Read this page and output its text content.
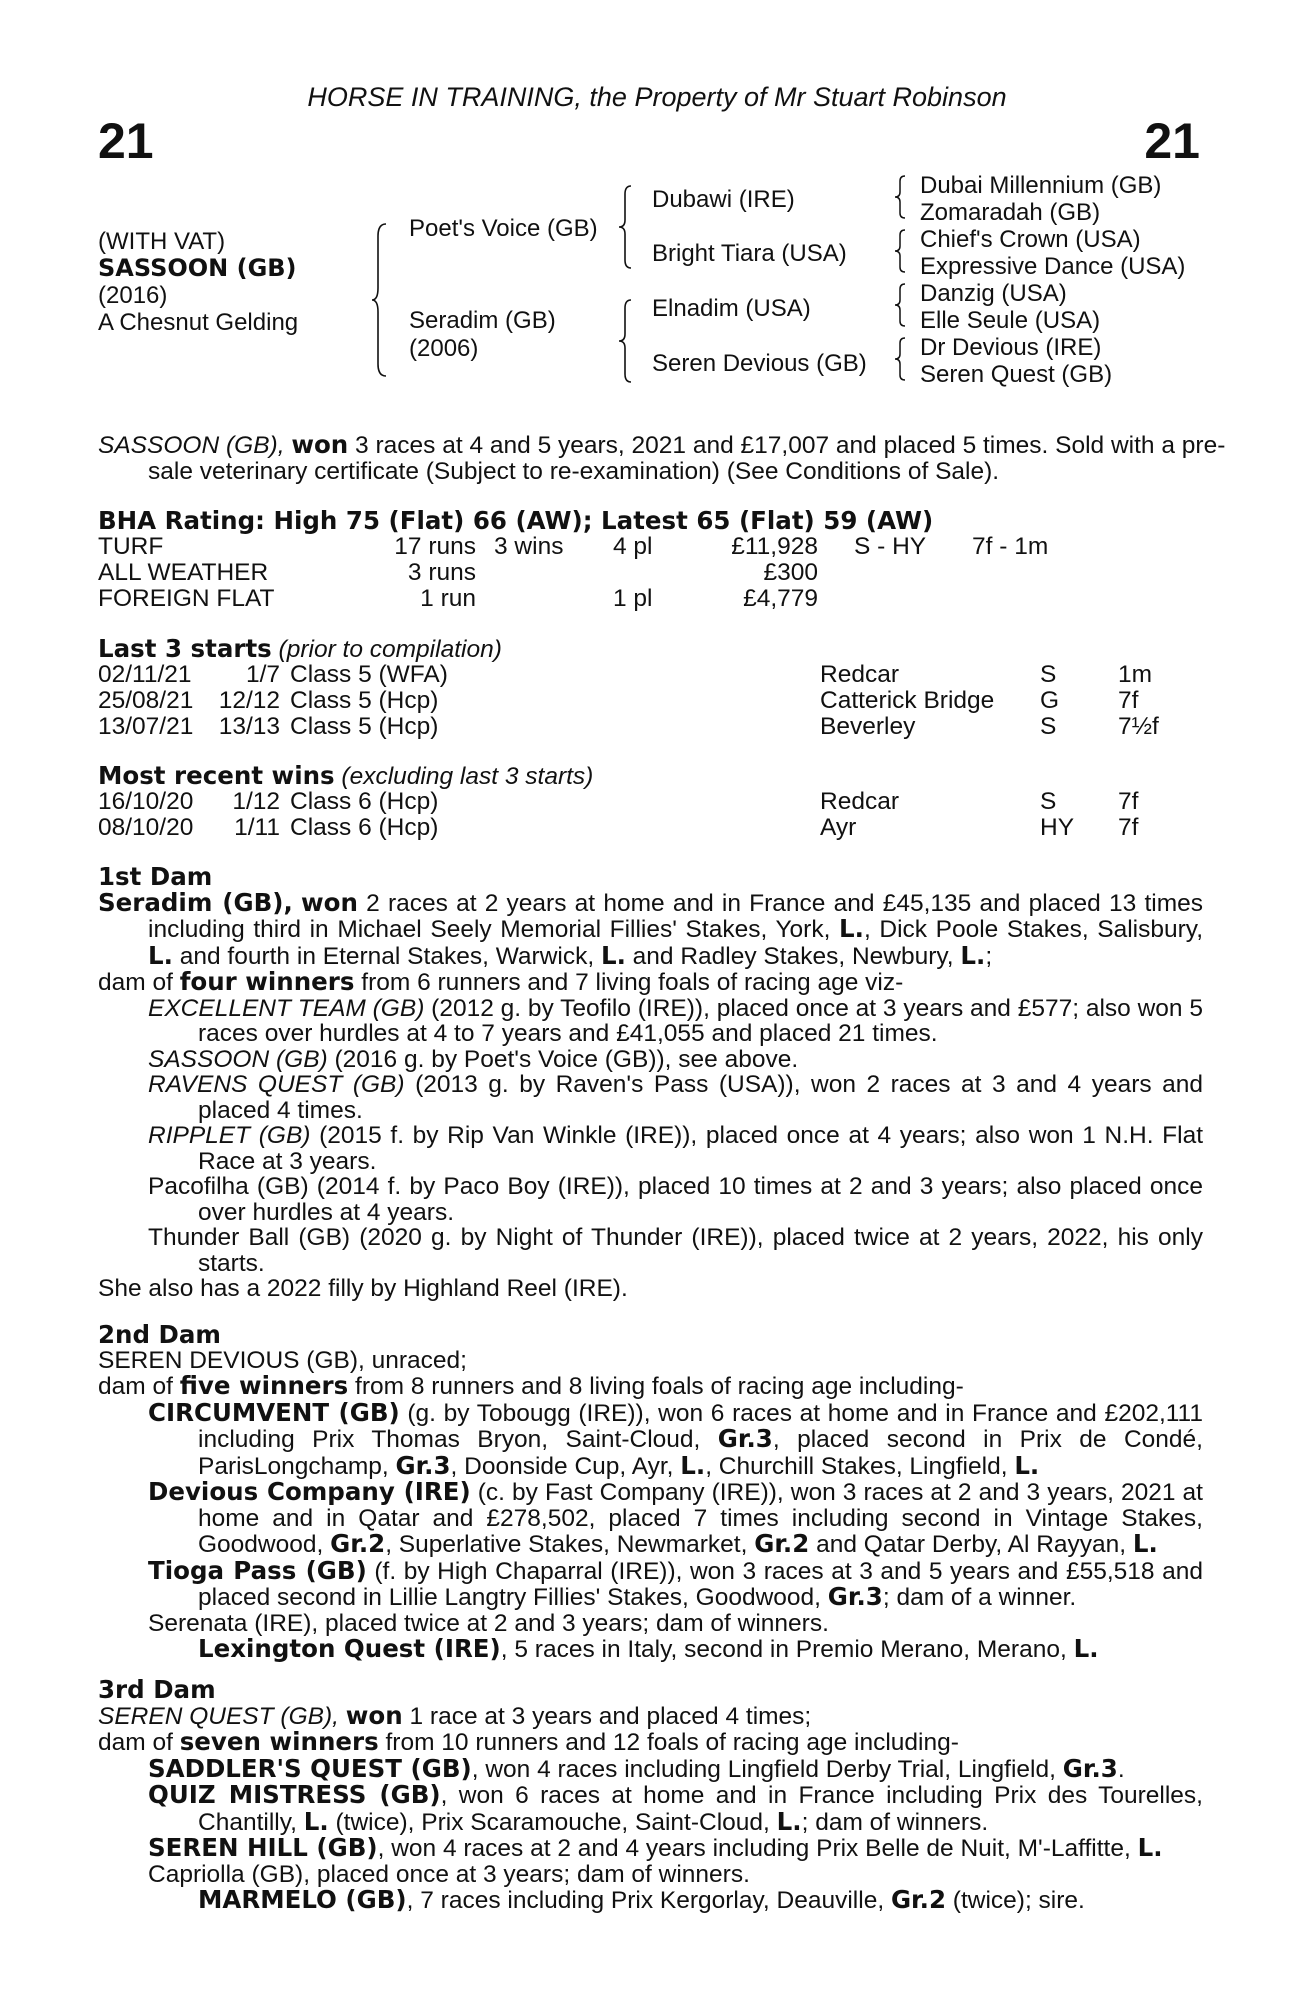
HORSE IN TRAINING, the Property of Mr Stuart Robinson
21	21
(WITH VAT)
SASSOON (GB)
(2016)
A Chesnut Gelding
Poet's Voice (GB)
Seradim (GB)
(2006)
Dubawi (IRE)
Bright Tiara (USA)
Elnadim (USA)
Seren Devious (GB)
Dubai Millennium (GB)
Zomaradah (GB)
Chief's Crown (USA)
Expressive Dance (USA)
Danzig (USA)
Elle Seule (USA)
Dr Devious (IRE)
Seren Quest (GB)
SASSOON (GB), won 3 races at 4 and 5 years, 2021 and £17,007 and placed 5 times. Sold with a pre-sale veterinary certificate (Subject to re-examination) (See Conditions of Sale).
BHA Rating: High 75 (Flat) 66 (AW); Latest 65 (Flat) 59 (AW)
TURF	17 runs 3 wins 4 pl	£11,928 S - HY 7f - 1m
ALL WEATHER	3 runs	£300
FOREIGN FLAT	1 run	1 pl	£4,779
Last 3 starts (prior to compilation)
02/11/21	1/7 Class 5 (WFA)	Redcar	S	1m
25/08/21 12/12 Class 5 (Hcp)	Catterick Bridge G 7f
13/07/21 13/13 Class 5 (Hcp)	Beverley	S	7½f
Most recent wins (excluding last 3 starts)
16/10/20	1/12 Class 6 (Hcp)	Redcar	S	7f
08/10/20	1/11 Class 6 (Hcp)	Ayr	HY 7f
1st Dam
Seradim (GB), won 2 races at 2 years at home and in France and £45,135 and placed 13 times including third in Michael Seely Memorial Fillies' Stakes, York, L., Dick Poole Stakes, Salisbury, L. and fourth in Eternal Stakes, Warwick, L. and Radley Stakes, Newbury, L.;
dam of four winners from 6 runners and 7 living foals of racing age viz-
EXCELLENT TEAM (GB) (2012 g. by Teofilo (IRE)), placed once at 3 years and £577; also won 5 races over hurdles at 4 to 7 years and £41,055 and placed 21 times.
SASSOON (GB) (2016 g. by Poet's Voice (GB)), see above.
RAVENS QUEST (GB) (2013 g. by Raven's Pass (USA)), won 2 races at 3 and 4 years and placed 4 times.
RIPPLET (GB) (2015 f. by Rip Van Winkle (IRE)), placed once at 4 years; also won 1 N.H. Flat Race at 3 years.
Pacofilha (GB) (2014 f. by Paco Boy (IRE)), placed 10 times at 2 and 3 years; also placed once over hurdles at 4 years.
Thunder Ball (GB) (2020 g. by Night of Thunder (IRE)), placed twice at 2 years, 2022, his only starts.
She also has a 2022 filly by Highland Reel (IRE).
2nd Dam
SEREN DEVIOUS (GB), unraced;
dam of five winners from 8 runners and 8 living foals of racing age including-
CIRCUMVENT (GB) (g. by Tobougg (IRE)), won 6 races at home and in France and £202,111 including Prix Thomas Bryon, Saint-Cloud, Gr.3, placed second in Prix de Condé, ParisLongchamp, Gr.3, Doonside Cup, Ayr, L., Churchill Stakes, Lingfield, L.
Devious Company (IRE) (c. by Fast Company (IRE)), won 3 races at 2 and 3 years, 2021 at home and in Qatar and £278,502, placed 7 times including second in Vintage Stakes, Goodwood, Gr.2, Superlative Stakes, Newmarket, Gr.2 and Qatar Derby, Al Rayyan, L.
Tioga Pass (GB) (f. by High Chaparral (IRE)), won 3 races at 3 and 5 years and £55,518 and placed second in Lillie Langtry Fillies' Stakes, Goodwood, Gr.3; dam of a winner.
Serenata (IRE), placed twice at 2 and 3 years; dam of winners.
Lexington Quest (IRE), 5 races in Italy, second in Premio Merano, Merano, L.
3rd Dam
SEREN QUEST (GB), won 1 race at 3 years and placed 4 times;
dam of seven winners from 10 runners and 12 foals of racing age including-
SADDLER'S QUEST (GB), won 4 races including Lingfield Derby Trial, Lingfield, Gr.3.
QUIZ MISTRESS (GB), won 6 races at home and in France including Prix des Tourelles, Chantilly, L. (twice), Prix Scaramouche, Saint-Cloud, L.; dam of winners.
SEREN HILL (GB), won 4 races at 2 and 4 years including Prix Belle de Nuit, M'-Laffitte, L.
Capriolla (GB), placed once at 3 years; dam of winners.
MARMELO (GB), 7 races including Prix Kergorlay, Deauville, Gr.2 (twice); sire.
